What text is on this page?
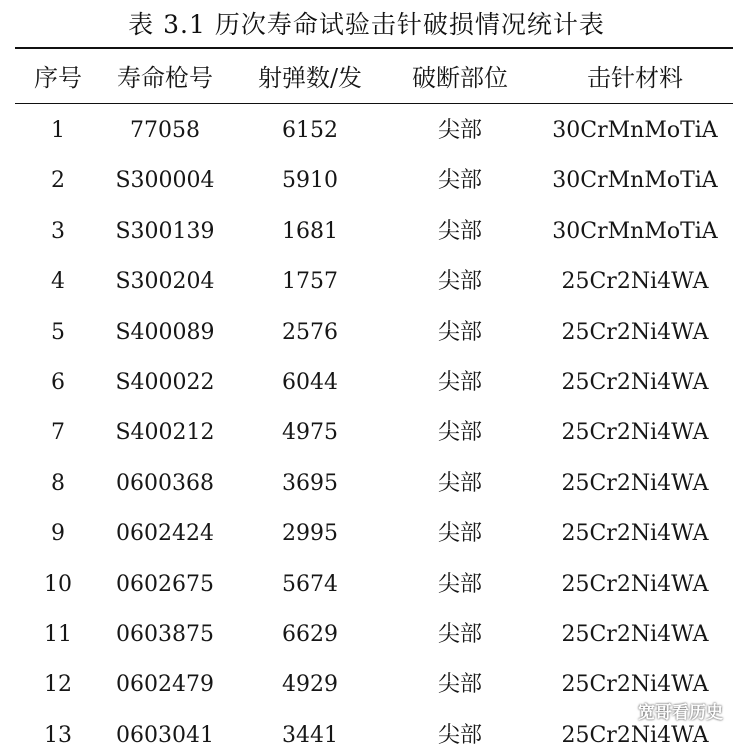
表 3.1 历次寿命试验击针破损情况统计表
序号	寿命枪号	射弹数/发	破断部位	击针材料
1	77058	6152	尖部	30CrMnMoTiA
2	S300004	5910	尖部	30CrMnMoTiA
3	S300139	1681	尖部	30CrMnMoTiA
4	S300204	1757	尖部	25Cr2Ni4WA
5	S400089	2576	尖部	25Cr2Ni4WA
6	S400022	6044	尖部	25Cr2Ni4WA
7	S400212	4975	尖部	25Cr2Ni4WA
8	0600368	3695	尖部	25Cr2Ni4WA
9	0602424	2995	尖部	25Cr2Ni4WA
10	0602675	5674	尖部	25Cr2Ni4WA
11	0603875	6629	尖部	25Cr2Ni4WA
12	0602479	4929	尖部	25Cr2Ni4WA
13	0603041	3441	尖部	25Cr2Ni4WA
宽哥看历史
